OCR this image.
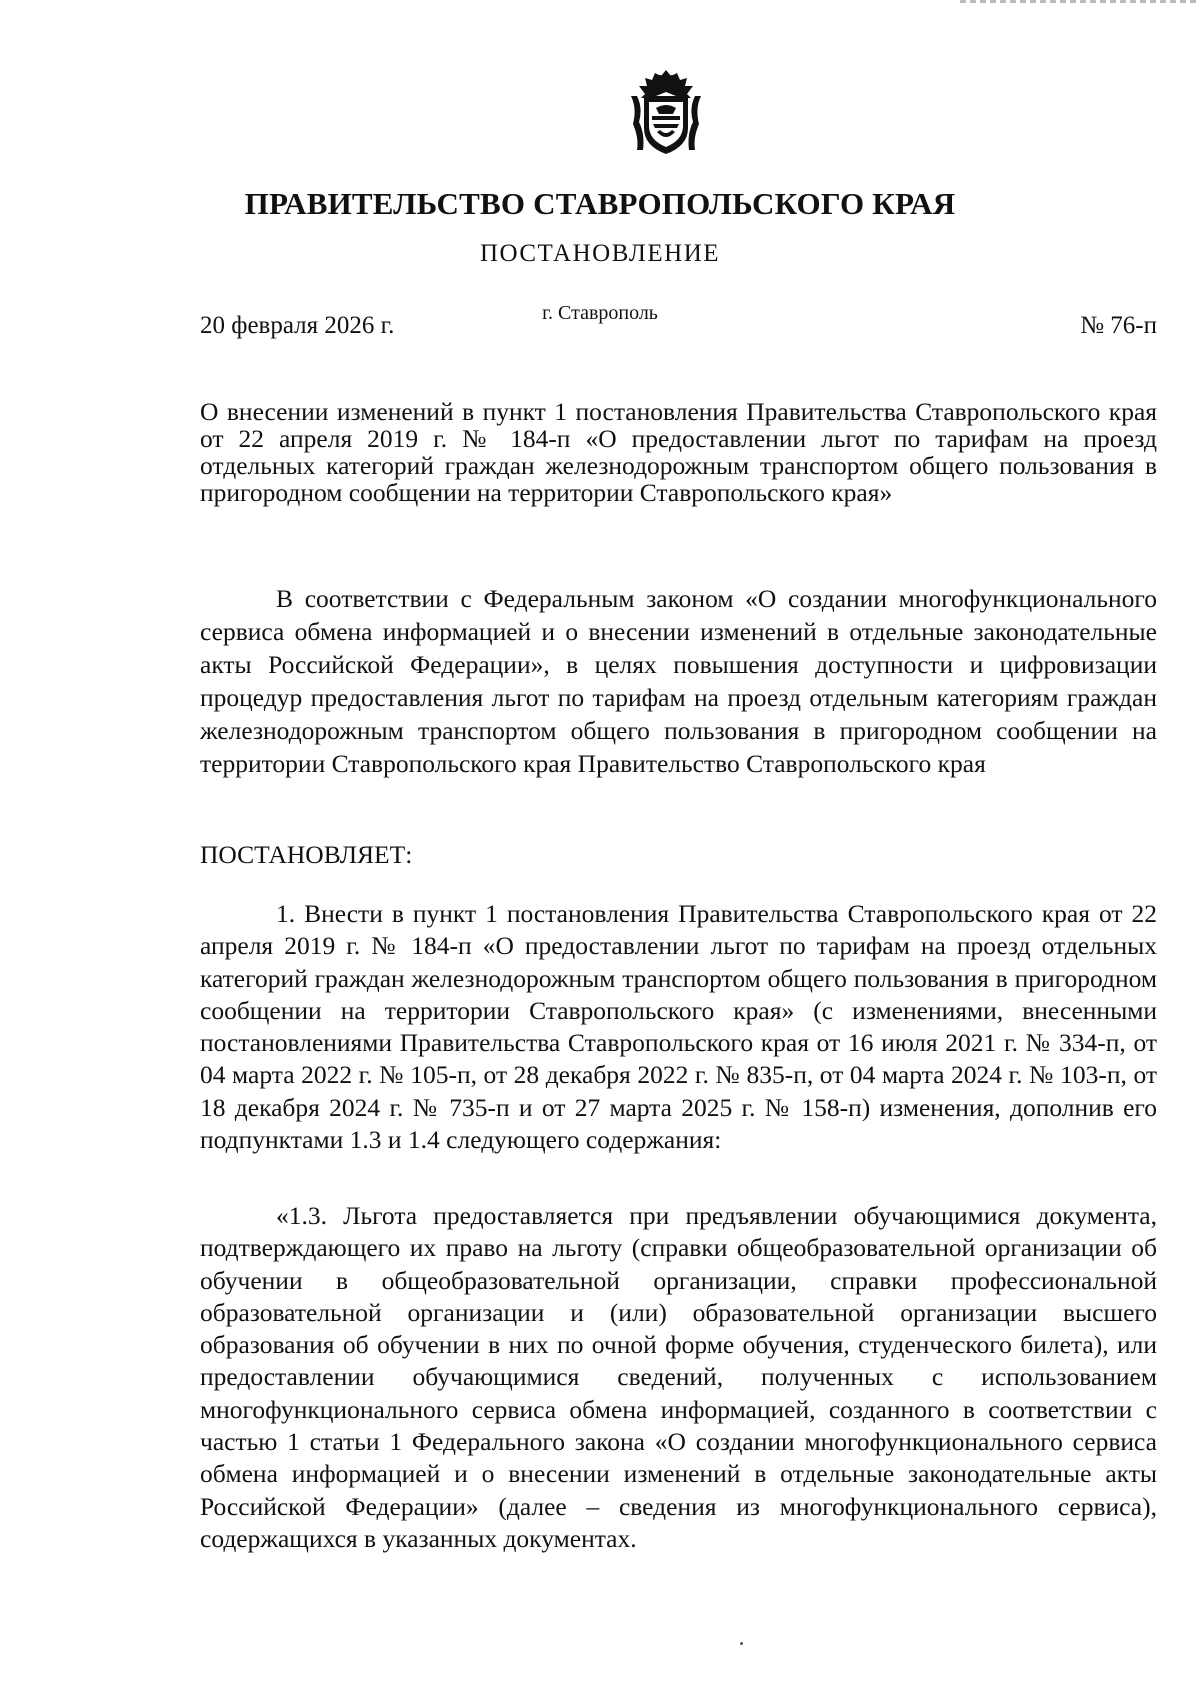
ПРАВИТЕЛЬСТВО СТАВРОПОЛЬСКОГО КРАЯ
ПОСТАНОВЛЕНИЕ
20 февраля 2026 г.	г. Ставрополь	№ 76-п
О внесении изменений в пункт 1 постановления Правительства Ставропольского края от 22 апреля 2019 г. № 184-п «О предоставлении льгот по тарифам на проезд отдельных категорий граждан железнодорожным транспортом общего пользования в пригородном сообщении на территории Ставропольского края»
В соответствии с Федеральным законом «О создании многофункционального сервиса обмена информацией и о внесении изменений в отдельные законодательные акты Российской Федерации», в целях повышения доступности и цифровизации процедур предоставления льгот по тарифам на проезд отдельным категориям граждан железнодорожным транспортом общего пользования в пригородном сообщении на территории Ставропольского края Правительство Ставропольского края
ПОСТАНОВЛЯЕТ:
1. Внести в пункт 1 постановления Правительства Ставропольского края от 22 апреля 2019 г. № 184-п «О предоставлении льгот по тарифам на проезд отдельных категорий граждан железнодорожным транспортом общего пользования в пригородном сообщении на территории Ставропольского края» (с изменениями, внесенными постановлениями Правительства Ставропольского края от 16 июля 2021 г. № 334-п, от 04 марта 2022 г. № 105-п, от 28 декабря 2022 г. № 835-п, от 04 марта 2024 г. № 103-п, от 18 декабря 2024 г. № 735-п и от 27 марта 2025 г. № 158-п) изменения, дополнив его подпунктами 1.3 и 1.4 следующего содержания:
«1.3. Льгота предоставляется при предъявлении обучающимися документа, подтверждающего их право на льготу (справки общеобразовательной организации об обучении в общеобразовательной организации, справки профессиональной образовательной организации и (или) образовательной организации высшего образования об обучении в них по очной форме обучения, студенческого билета), или предоставлении обучающимися сведений, полученных с использованием многофункционального сервиса обмена информацией, созданного в соответствии с частью 1 статьи 1 Федерального закона «О создании многофункционального сервиса обмена информацией и о внесении изменений в отдельные законодательные акты Российской Федерации» (далее – сведения из многофункционального сервиса), содержащихся в указанных документах.
